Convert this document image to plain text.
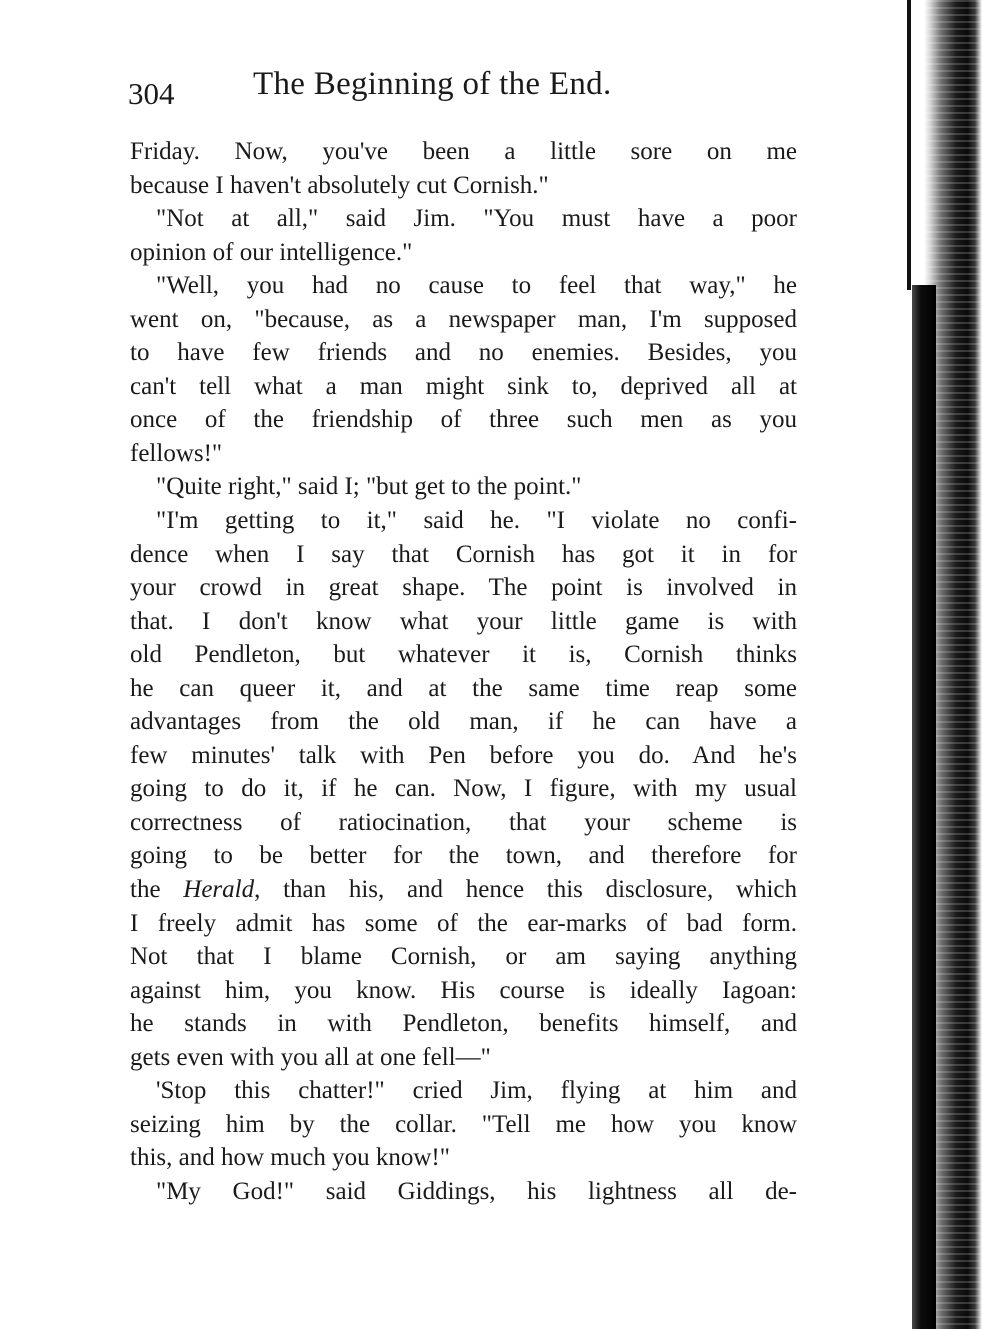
304 The Beginning of the End.
Friday. Now, you've been a little sore on me
because I haven't absolutely cut Cornish."
"Not at all," said Jim. "You must have a poor
opinion of our intelligence."
"Well, you had no cause to feel that way," he
went on, "because, as a newspaper man, I'm supposed
to have few friends and no enemies. Besides, you
can't tell what a man might sink to, deprived all at
once of the friendship of three such men as you
fellows!"
"Quite right," said I; "but get to the point."
"I'm getting to it," said he. "I violate no confi-
dence when I say that Cornish has got it in for
your crowd in great shape. The point is involved in
that. I don't know what your little game is with
old Pendleton, but whatever it is, Cornish thinks
he can queer it, and at the same time reap some
advantages from the old man, if he can have a
few minutes' talk with Pen before you do. And he's
going to do it, if he can. Now, I figure, with my usual
correctness of ratiocination, that your scheme is
going to be better for the town, and therefore for
the Herald, than his, and hence this disclosure, which
I freely admit has some of the ear-marks of bad form.
Not that I blame Cornish, or am saying anything
against him, you know. His course is ideally Iagoan:
he stands in with Pendleton, benefits himself, and
gets even with you all at one fell—"
'Stop this chatter!" cried Jim, flying at him and
seizing him by the collar. "Tell me how you know
this, and how much you know!"
"My God!" said Giddings, his lightness all de-
